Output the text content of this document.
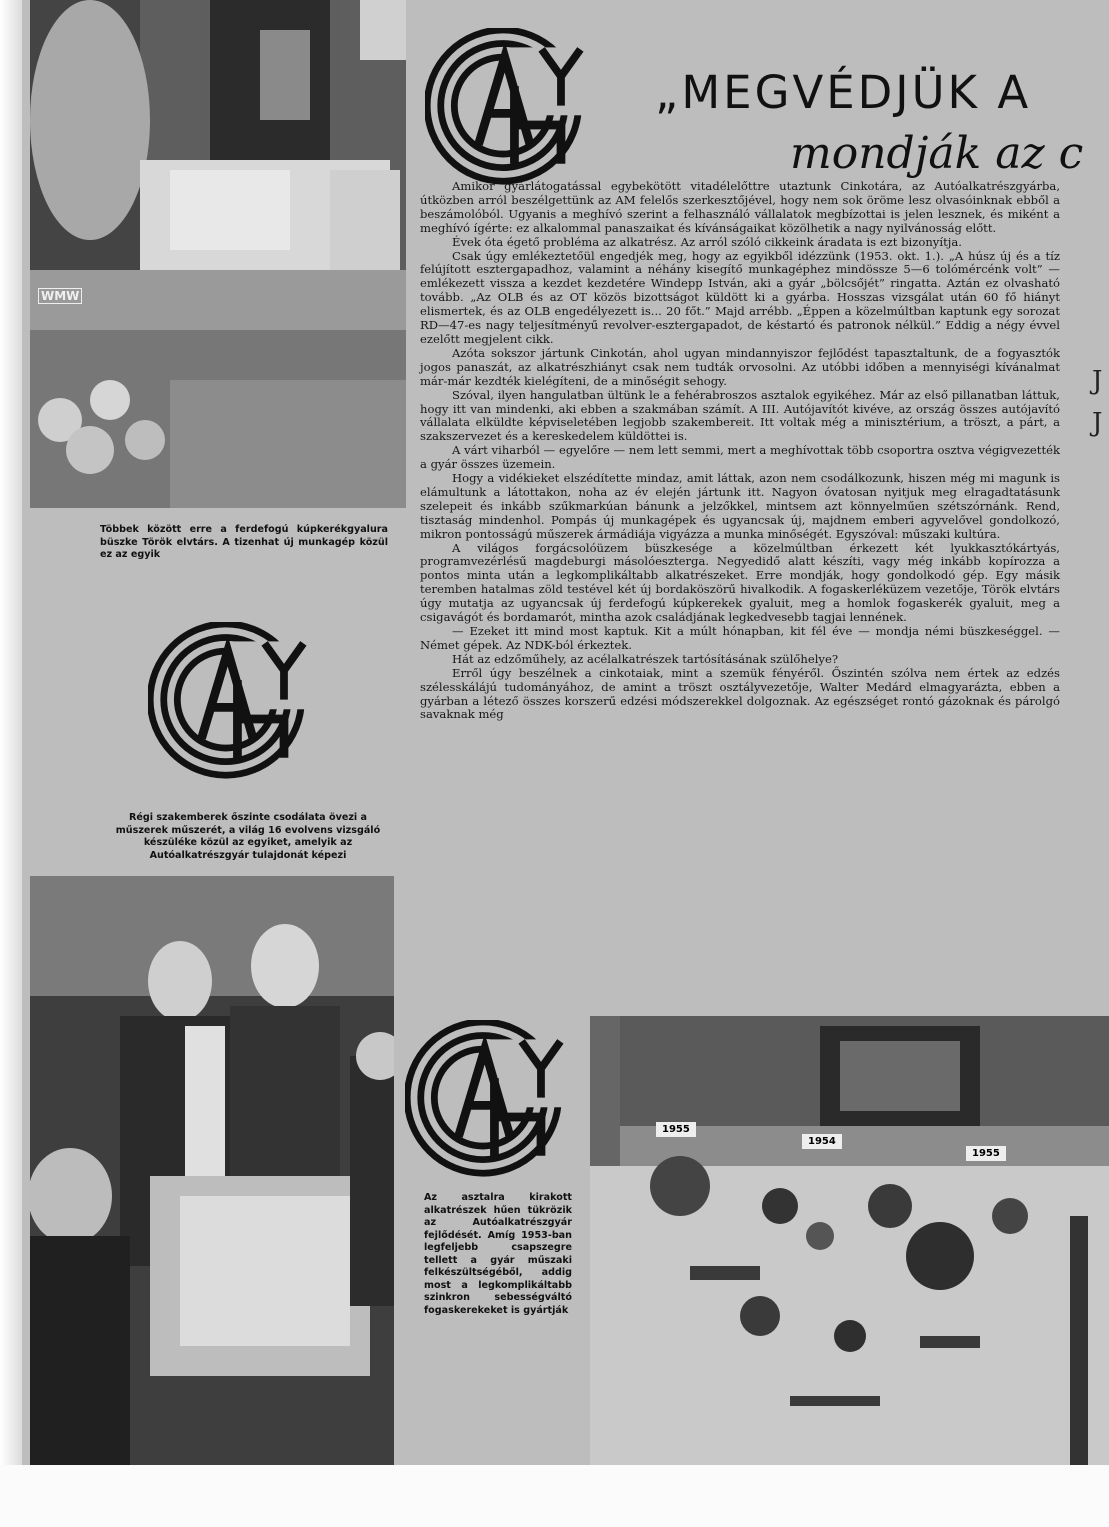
WMW
Többek között erre a ferdefogú kúpkerékgyalura büszke Török elvtárs. A tizenhat új munkagép közül ez az egyik
„MEGVÉDJÜK A
mondják az c

Amikor gyárlátogatással egybekötött vitadélelőttre utaztunk Cinkotára, az Autóalkatrészgyárba, útközben arról beszélgettünk az AM felelős szerkesztőjével, hogy nem sok öröme lesz olvasóinknak ebből a beszámolóból. Ugyanis a meghívó szerint a felhasználó vállalatok megbízottai is jelen lesznek, és miként a meghívó ígérte: ez alkalommal panaszaikat és kívánságaikat közölhetik a nagy nyilvánosság előtt.

Évek óta égető probléma az alkatrész. Az arról szóló cikkeink áradata is ezt bizonyítja.

Csak úgy emlékeztetőül engedjék meg, hogy az egyikből idézzünk (1953. okt. 1.). „A húsz új és a tíz felújított esztergapadhoz, valamint a néhány kisegítő munkagéphez mindössze 5—6 tolómércénk volt” — emlékezett vissza a kezdet kezdetére Windepp István, aki a gyár „bölcsőjét” ringatta. Aztán ez olvasható tovább. „Az OLB és az OT közös bizottságot küldött ki a gyárba. Hosszas vizsgálat után 60 fő hiányt elismertek, és az OLB engedélyezett is... 20 főt.” Majd arrébb. „Éppen a közelmúltban kaptunk egy sorozat RD—47-es nagy teljesítményű revolver-esztergapadot, de késtartó és patronok nélkül.” Eddig a négy évvel ezelőtt megjelent cikk.

Azóta sokszor jártunk Cinkotán, ahol ugyan mindannyiszor fejlődést tapasztaltunk, de a fogyasztók jogos panaszát, az alkatrészhiányt csak nem tudták orvosolni. Az utóbbi időben a mennyiségi kívánalmat már-már kezdték kielégíteni, de a minőségit sehogy.

Szóval, ilyen hangulatban ültünk le a fehérabroszos asztalok egyikéhez. Már az első pillanatban láttuk, hogy itt van mindenki, aki ebben a szakmában számít. A III. Autójavítót kivéve, az ország összes autójavító vállalata elküldte képviseletében legjobb szakembereit. Itt voltak még a minisztérium, a tröszt, a párt, a szakszervezet és a kereskedelem küldöttei is.

A várt viharból — egyelőre — nem lett semmi, mert a meghívottak több csoportra osztva végigvezették a gyár összes üzemein.

Hogy a vidékieket elszédítette mindaz, amit láttak, azon nem csodálkozunk, hiszen még mi magunk is elámultunk a látottakon, noha az év elején jártunk itt. Nagyon óvatosan nyitjuk meg elragadtatásunk szelepeit és inkább szűkmarkúan bánunk a jelzőkkel, mintsem azt könnyelműen szétszórnánk. Rend, tisztaság mindenhol. Pompás új munkagépek és ugyancsak új, majdnem emberi agyvelővel gondolkozó, mikron pontosságú műszerek ármádiája vigyázza a munka minőségét. Egyszóval: műszaki kultúra.

A világos forgácsolóüzem büszkesége a közelmúltban érkezett két lyukkasztókártyás, programvezérlésű magdeburgi másolóeszterga. Negyedidő alatt készíti, vagy még inkább kopírozza a pontos minta után a legkomplikáltabb alkatrészeket. Erre mondják, hogy gondolkodó gép. Egy másik teremben hatalmas zöld testével két új bordaköszörű hivalkodik. A fogaskerléküzem vezetője, Török elvtárs úgy mutatja az ugyancsak új ferdefogú kúpkerekek gyaluit, meg a homlok fogaskerék gyaluit, meg a csigavágót és bordamarót, mintha azok családjának legkedvesebb tagjai lennének.

— Ezeket itt mind most kaptuk. Kit a múlt hónapban, kit fél éve — mondja némi büszkeséggel. — Német gépek. Az NDK-ból érkeztek.

Hát az edzőműhely, az acélalkatrészek tartósításának szülőhelye?

Erről úgy beszélnek a cinkotaiak, mint a szemük fényéről. Őszintén szólva nem értek az edzés szélesskálájú tudományához, de amint a tröszt osztályvezetője, Walter Medárd elmagyarázta, ebben a gyárban a létező összes korszerű edzési módszerekkel dolgoznak. Az egészséget rontó gázoknak és párolgó savaknak még

J
J
Régi szakemberek őszinte csodálata övezi a műszerek műszerét, a világ 16 evolvens vizsgáló készüléke közül az egyiket, amelyik az Autóalkatrészgyár tulajdonát képezi
Az asztalra kirakott alkatrészek hűen tükrözik az Autóalkatrészgyár fejlődését. Amíg 1953-ban legfeljebb csapszegre tellett a gyár műszaki felkészültségéből, addig most a legkomplikáltabb szinkron sebességváltó fogaskerekeket is gyártják
1955
1954
1955
